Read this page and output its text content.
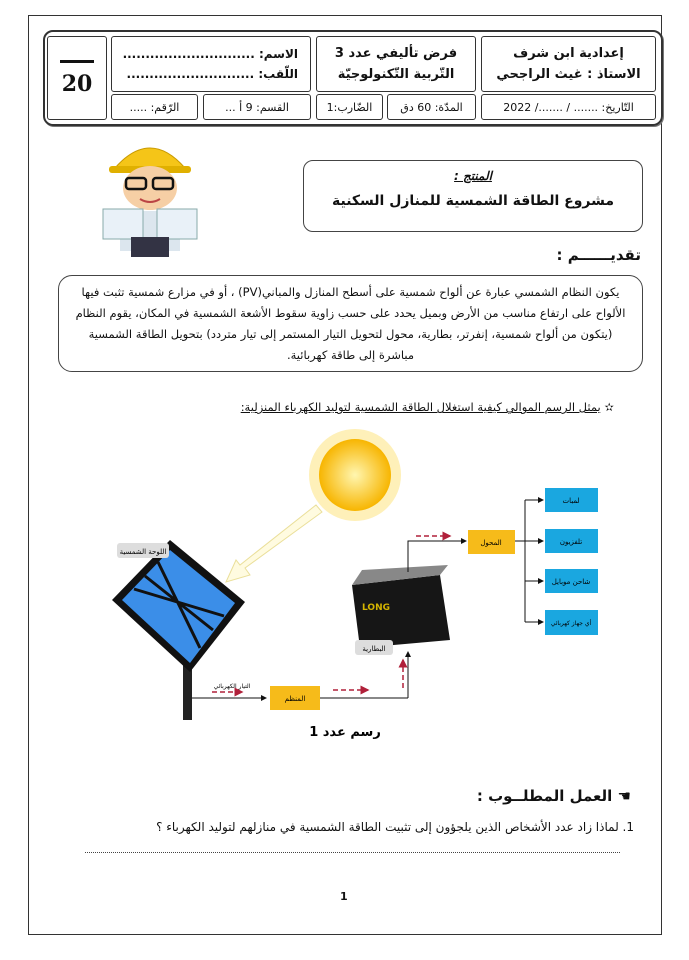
20
الاسم: .............................
اللّقب: ............................
فرض تأليفي عدد 3
التّربية التّكنولوجيّة
إعدادية ابن شرف
الاستاذ : غيث الراجحي
الرّقم: .....	القسم: 9 أ ...	الضّارب:1	المدّة: 60 دق	التّاريخ: ....... / ......./ 2022
المنتج :
مشروع الطاقة الشمسية للمنازل السكنية
تقديــــــم :
يكون النظام الشمسي عبارة عن ألواح شمسية على أسطح المنازل والمباني(PV) ، أو في مزارع شمسية تثبت فيها الألواح على ارتفاع مناسب من الأرض وبميل يحدد على حسب زاوية سقوط الأشعة الشمسية في المكان، يقوم النظام (يتكون من ألواح شمسية، إنفرتر، بطارية، محول لتحويل التيار المستمر إلى تيار متردد) بتحويل الطاقة الشمسية مباشرة إلى طاقة كهربائية.
✫ يمثل الرسم الموالي كيفية استغلال الطاقة الشمسية لتوليد الكهرباء المنزلية:
اللوحة الشمسية
التيار الكهربائي
المنظم
LONG
البطارية
المحول
لمبات
تلفزيون
شاحن موبايل
أي جهاز كهربائي
رسم عدد 1
☚ العمل المطلــوب :
1. لماذا زاد عدد الأشخاص الذين يلجؤون إلى تثبيت الطاقة الشمسية في منازلهم لتوليد الكهرباء ؟
1
